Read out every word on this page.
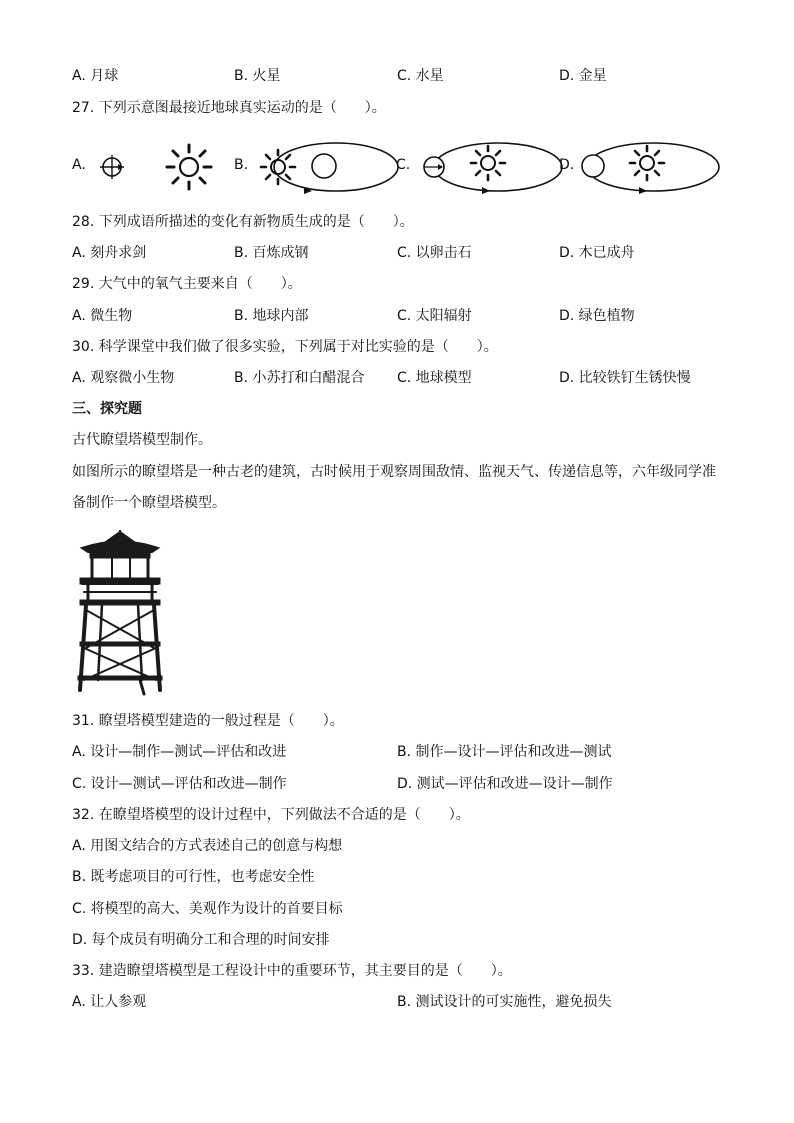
A. 月球	B. 火星	C. 水星	D. 金星
27. 下列示意图最接近地球真实运动的是（　　）。
A.	B.	C.	D.
28. 下列成语所描述的变化有新物质生成的是（　　）。
A. 刻舟求剑	B. 百炼成钢	C. 以卵击石	D. 木已成舟
29. 大气中的氧气主要来自（　　）。
A. 微生物	B. 地球内部	C. 太阳辐射	D. 绿色植物
30. 科学课堂中我们做了很多实验，下列属于对比实验的是（　　）。
A. 观察微小生物	B. 小苏打和白醋混合 C. 地球模型	D. 比较铁钉生锈快慢
三、探究题
古代瞭望塔模型制作。
如图所示的瞭望塔是一种古老的建筑，古时候用于观察周围敌情、监视天气、传递信息等，六年级同学准
备制作一个瞭望塔模型。
31. 瞭望塔模型建造的一般过程是（　　）。
A. 设计—制作—测试—评估和改进	B. 制作—设计—评估和改进—测试
C. 设计—测试—评估和改进—制作	D. 测试—评估和改进—设计—制作
32. 在瞭望塔模型的设计过程中，下列做法不合适的是（　　）。
A. 用图文结合的方式表述自己的创意与构想
B. 既考虑项目的可行性，也考虑安全性
C. 将模型的高大、美观作为设计的首要目标
D. 每个成员有明确分工和合理的时间安排
33. 建造瞭望塔模型是工程设计中的重要环节，其主要目的是（　　）。
A. 让人参观	B. 测试设计的可实施性，避免损失
